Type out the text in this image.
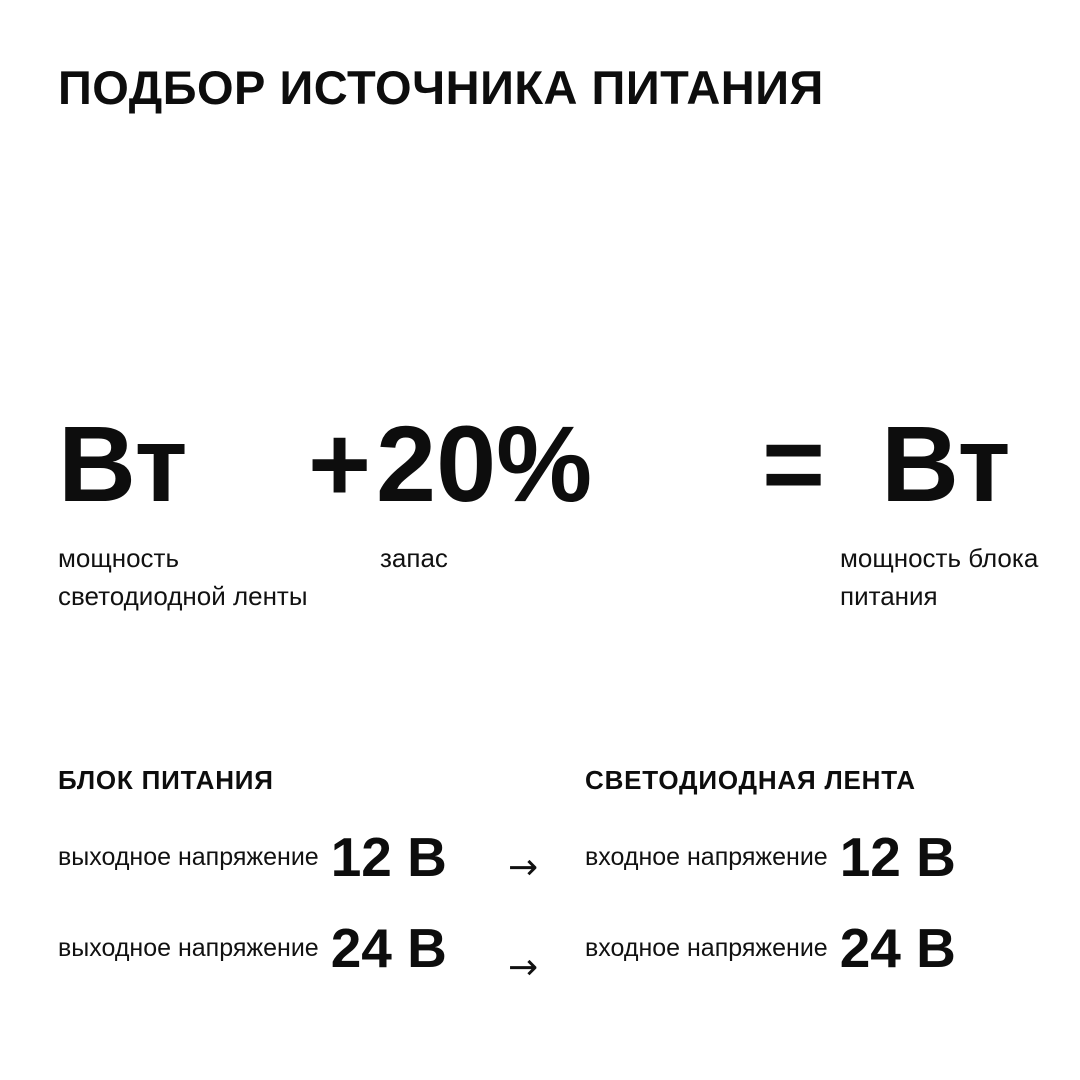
ПОДБОР ИСТОЧНИКА ПИТАНИЯ
Вт + 20% = Вт
мощность светодиодной ленты
запас	мощность блока питания
БЛОК ПИТАНИЯ
выходное напряжение 12 В
выходное напряжение 24 В
→
→
СВЕТОДИОДНАЯ ЛЕНТА
входное напряжение 12 В
входное напряжение 24 В
